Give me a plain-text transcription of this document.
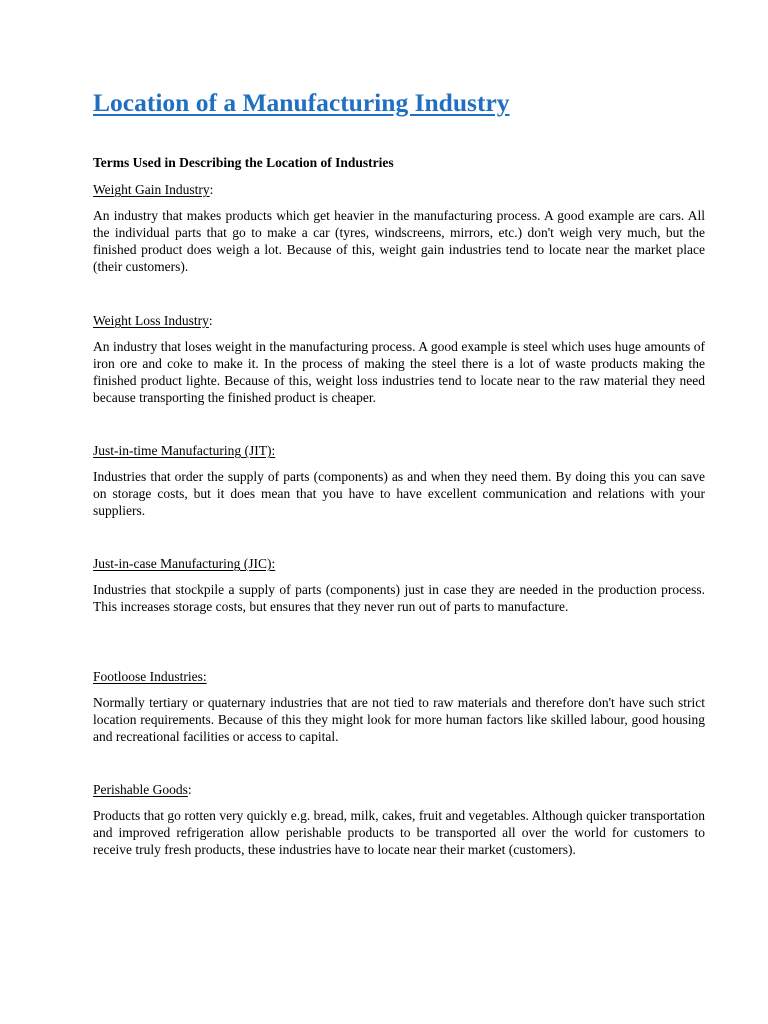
Location of a Manufacturing Industry
Terms Used in Describing the Location of Industries

Weight Gain Industry:

An industry that makes products which get heavier in the manufacturing process. A good example are cars. All the individual parts that go to make a car (tyres, windscreens, mirrors, etc.) don't weigh very much, but the finished product does weigh a lot. Because of this, weight gain industries tend to locate near the market place (their customers).

Weight Loss Industry:

An industry that loses weight in the manufacturing process. A good example is steel which uses huge amounts of iron ore and coke to make it. In the process of making the steel there is a lot of waste products making the finished product lighte. Because of this, weight loss industries tend to locate near to the raw material they need because transporting the finished product is cheaper.

Just-in-time Manufacturing (JIT):

Industries that order the supply of parts (components) as and when they need them. By doing this you can save on storage costs, but it does mean that you have to have excellent communication and relations with your suppliers.

Just-in-case Manufacturing (JIC):

Industries that stockpile a supply of parts (components) just in case they are needed in the production process. This increases storage costs, but ensures that they never run out of parts to manufacture.

Footloose Industries:

Normally tertiary or quaternary industries that are not tied to raw materials and therefore don't have such strict location requirements. Because of this they might look for more human factors like skilled labour, good housing and recreational facilities or access to capital.

Perishable Goods:

Products that go rotten very quickly e.g. bread, milk, cakes, fruit and vegetables. Although quicker transportation and improved refrigeration allow perishable products to be transported all over the world for customers to receive truly fresh products, these industries have to locate near their market (customers).
